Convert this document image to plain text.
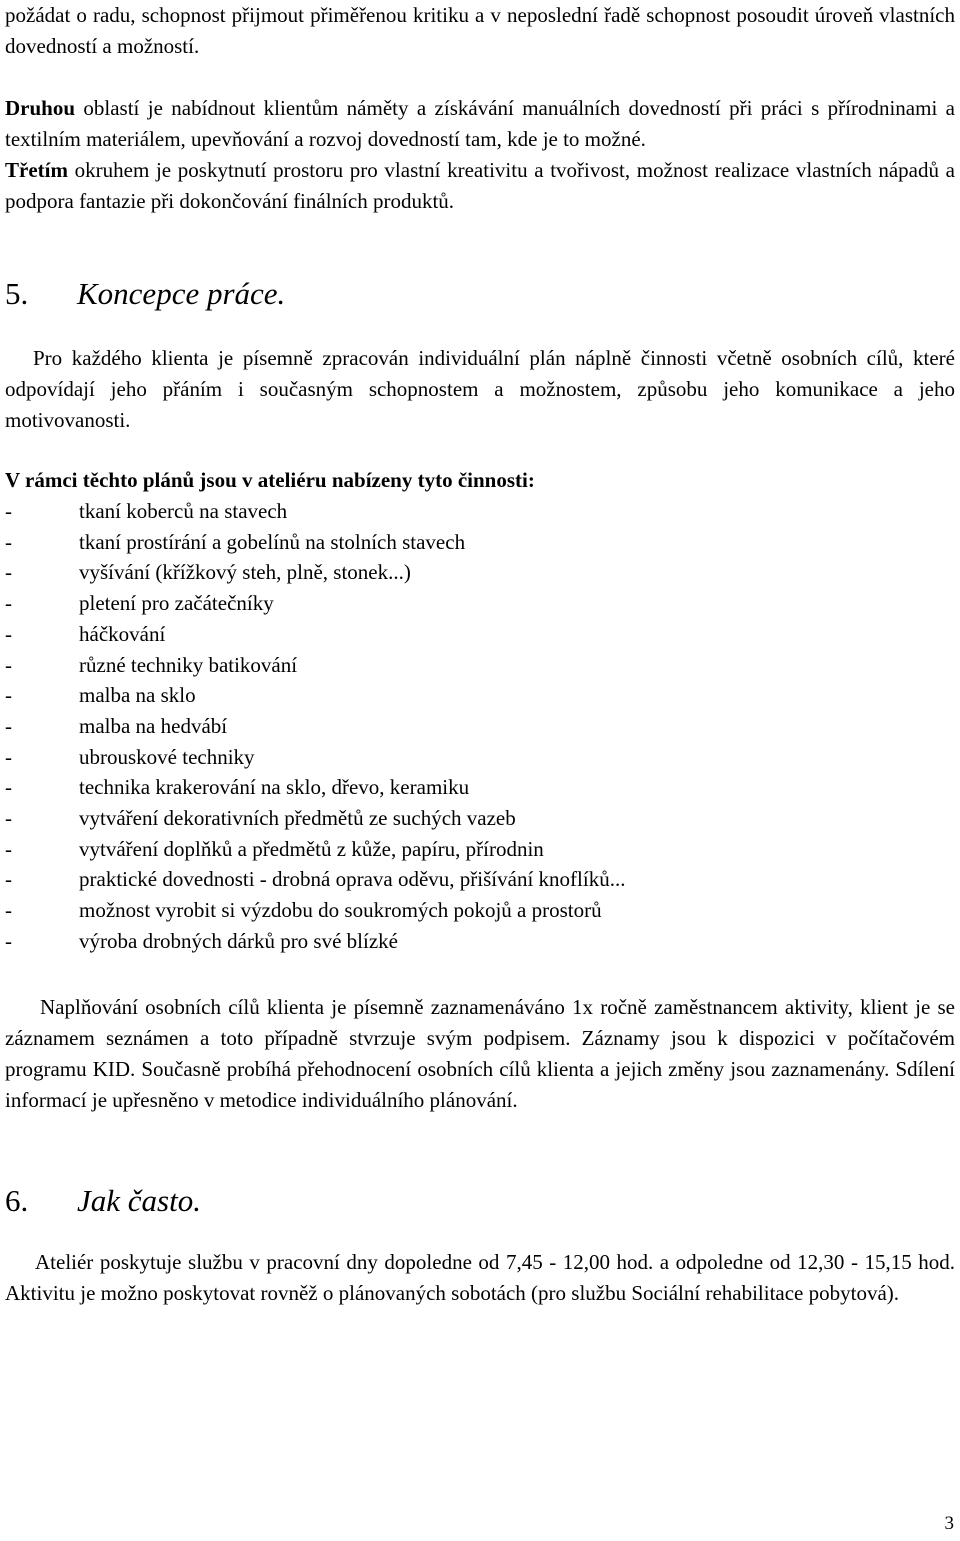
požádat o radu, schopnost přijmout přiměřenou kritiku a v neposlední řadě schopnost posoudit úroveň vlastních dovedností a možností.

Druhou oblastí je nabídnout klientům náměty a získávání manuálních dovedností při práci s přírodninami a textilním materiálem, upevňování a rozvoj dovedností tam, kde je to možné.

Třetím okruhem je poskytnutí prostoru pro vlastní kreativitu a tvořivost, možnost realizace vlastních nápadů a podpora fantazie při dokončování finálních produktů.

5. Koncepce práce.

Pro každého klienta je písemně zpracován individuální plán náplně činnosti včetně osobních cílů, které odpovídají jeho přáním i současným schopnostem a možnostem, způsobu jeho komunikace a jeho motivovanosti.

V rámci těchto plánů jsou v ateliéru nabízeny tyto činnosti:

-	tkaní koberců na stavech
-	tkaní prostírání a gobelínů na stolních stavech
-	vyšívání (křížkový steh, plně, stonek...)
-	pletení pro začátečníky
-	háčkování
-	různé techniky batikování
-	malba na sklo
-	malba na hedvábí
-	ubrouskové techniky
-	technika krakerování na sklo, dřevo, keramiku
-	vytváření dekorativních předmětů ze suchých vazeb
-	vytváření doplňků a předmětů z kůže, papíru, přírodnin
-	praktické dovednosti - drobná oprava oděvu, přišívání knoflíků...
-	možnost vyrobit si výzdobu do soukromých pokojů a prostorů
-	výroba drobných dárků pro své blízké

Naplňování osobních cílů klienta je písemně zaznamenáváno 1x ročně zaměstnancem aktivity, klient je se záznamem seznámen a toto případně stvrzuje svým podpisem. Záznamy jsou k dispozici v počítačovém programu KID. Současně probíhá přehodnocení osobních cílů klienta a jejich změny jsou zaznamenány. Sdílení informací je upřesněno v metodice individuálního plánování.

6. Jak často.

Ateliér poskytuje službu v pracovní dny dopoledne od 7,45 - 12,00 hod. a odpoledne od 12,30 - 15,15 hod. Aktivitu je možno poskytovat rovněž o plánovaných sobotách (pro službu Sociální rehabilitace pobytová).

3
